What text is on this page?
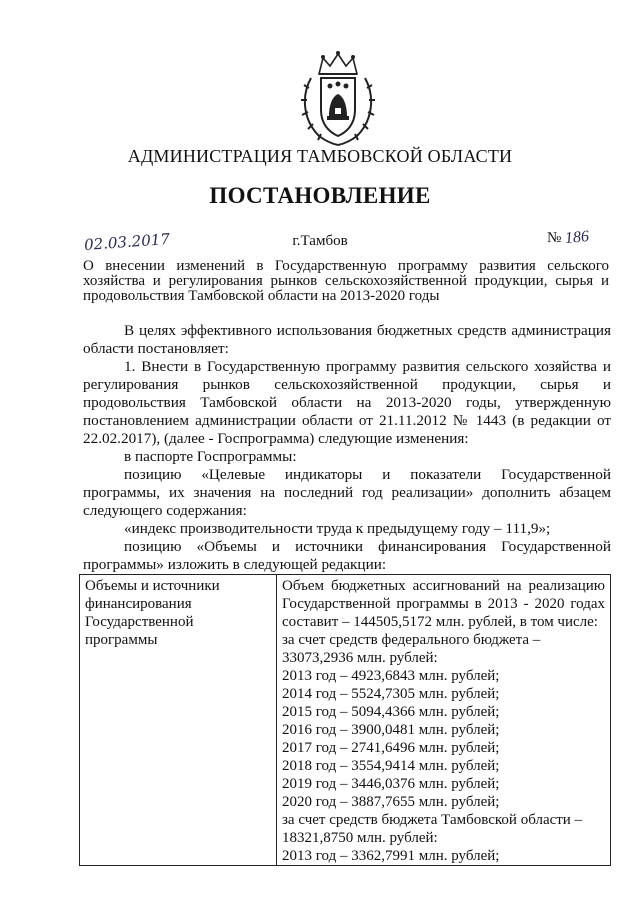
АДМИНИСТРАЦИЯ ТАМБОВСКОЙ ОБЛАСТИ
ПОСТАНОВЛЕНИЕ
02.03.2017	г.Тамбов	№ 186
О внесении изменений в Государственную программу развития сельского хозяйства и регулирования рынков сельскохозяйственной продукции, сырья и продовольствия Тамбовской области на 2013-2020 годы

В целях эффективного использования бюджетных средств администрация области постановляет:

1. Внести в Государственную программу развития сельского хозяйства и регулирования рынков сельскохозяйственной продукции, сырья и продовольствия Тамбовской области на 2013-2020 годы, утвержденную постановлением администрации области от 21.11.2012 № 1443 (в редакции от 22.02.2017), (далее - Госпрограмма) следующие изменения:

в паспорте Госпрограммы:

позицию «Целевые индикаторы и показатели Государственной программы, их значения на последний год реализации» дополнить абзацем следующего содержания:

«индекс производительности труда к предыдущему году – 111,9»;

позицию «Объемы и источники финансирования Государственной программы» изложить в следующей редакции:

Объемы и источники
финансирования
Государственной
программы

Объем бюджетных ассигнований на реализацию
Государственной программы в 2013 - 2020 годах
составит – 144505,5172 млн. рублей, в том числе:
за счет средств федерального бюджета –
33073,2936 млн. рублей:
2013 год – 4923,6843 млн. рублей;
2014 год – 5524,7305 млн. рублей;
2015 год – 5094,4366 млн. рублей;
2016 год – 3900,0481 млн. рублей;
2017 год – 2741,6496 млн. рублей;
2018 год – 3554,9414 млн. рублей;
2019 год – 3446,0376 млн. рублей;
2020 год – 3887,7655 млн. рублей;
за счет средств бюджета Тамбовской области –
18321,8750 млн. рублей:
2013 год – 3362,7991 млн. рублей;
